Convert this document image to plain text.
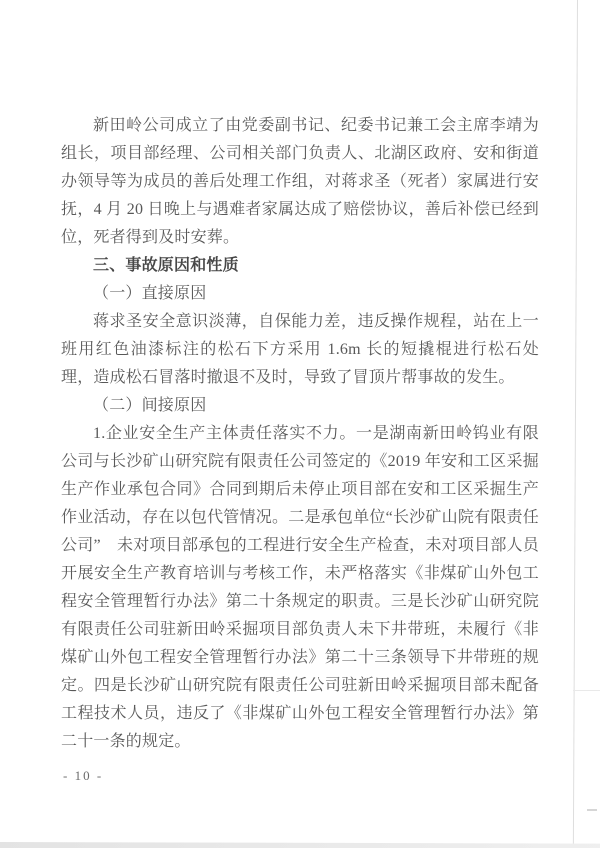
新田岭公司成立了由党委副书记、纪委书记兼工会主席李靖为组长，项目部经理、公司相关部门负责人、北湖区政府、安和街道办领导等为成员的善后处理工作组，对蒋求圣（死者）家属进行安抚，4 月 20 日晚上与遇难者家属达成了赔偿协议，善后补偿已经到位，死者得到及时安葬。

三、事故原因和性质

（一）直接原因

蒋求圣安全意识淡薄，自保能力差，违反操作规程，站在上一班用红色油漆标注的松石下方采用 1.6m 长的短撬棍进行松石处理，造成松石冒落时撤退不及时，导致了冒顶片帮事故的发生。

（二）间接原因

1.企业安全生产主体责任落实不力。一是湖南新田岭钨业有限公司与长沙矿山研究院有限责任公司签定的《2019 年安和工区采掘生产作业承包合同》合同到期后未停止项目部在安和工区采掘生产作业活动，存在以包代管情况。二是承包单位“长沙矿山院有限责任公司”　未对项目部承包的工程进行安全生产检查，未对项目部人员开展安全生产教育培训与考核工作，未严格落实《非煤矿山外包工程安全管理暂行办法》第二十条规定的职责。三是长沙矿山研究院有限责任公司驻新田岭采掘项目部负责人未下井带班，未履行《非煤矿山外包工程安全管理暂行办法》第二十三条领导下井带班的规定。四是长沙矿山研究院有限责任公司驻新田岭采掘项目部未配备工程技术人员，违反了《非煤矿山外包工程安全管理暂行办法》第二十一条的规定。

- 10 -
